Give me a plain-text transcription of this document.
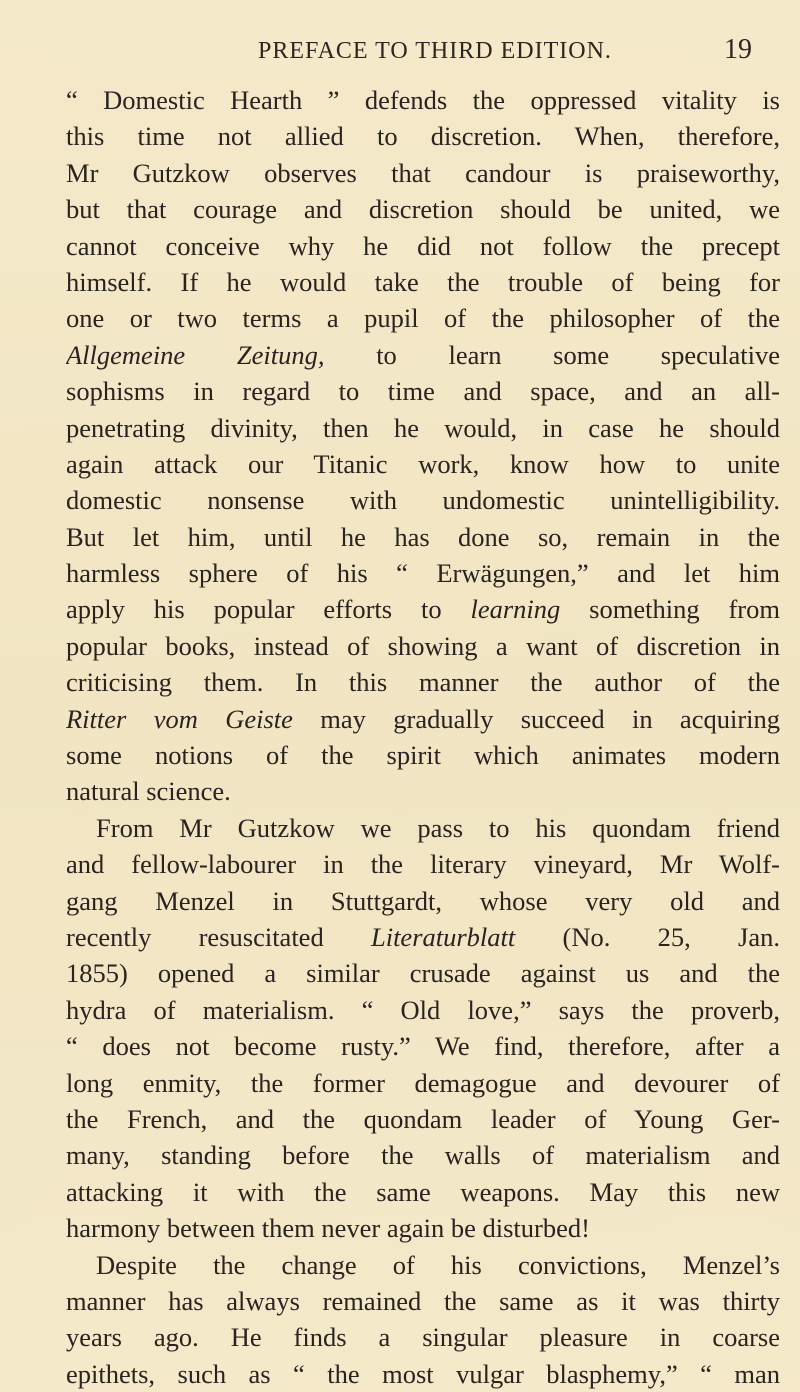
PREFACE TO THIRD EDITION.	19
“ Domestic Hearth ” defends the oppressed vitality is
this time not allied to discretion. When, therefore,
Mr Gutzkow observes that candour is praiseworthy,
but that courage and discretion should be united, we
cannot conceive why he did not follow the precept
himself. If he would take the trouble of being for
one or two terms a pupil of the philosopher of the
Allgemeine Zeitung, to learn some speculative
sophisms in regard to time and space, and an all-
penetrating divinity, then he would, in case he should
again attack our Titanic work, know how to unite
domestic nonsense with undomestic unintelligibility.
But let him, until he has done so, remain in the
harmless sphere of his “ Erwägungen,” and let him
apply his popular efforts to learning something from
popular books, instead of showing a want of discretion in
criticising them. In this manner the author of the
Ritter vom Geiste may gradually succeed in acquiring
some notions of the spirit which animates modern
natural science.
From Mr Gutzkow we pass to his quondam friend
and fellow-labourer in the literary vineyard, Mr Wolf-
gang Menzel in Stuttgardt, whose very old and
recently resuscitated Literaturblatt (No. 25, Jan.
1855) opened a similar crusade against us and the
hydra of materialism. “ Old love,” says the proverb,
“ does not become rusty.” We find, therefore, after a
long enmity, the former demagogue and devourer of
the French, and the quondam leader of Young Ger-
many, standing before the walls of materialism and
attacking it with the same weapons. May this new
harmony between them never again be disturbed!
Despite the change of his convictions, Menzel’s
manner has always remained the same as it was thirty
years ago. He finds a singular pleasure in coarse
epithets, such as “ the most vulgar blasphemy,” “ man
